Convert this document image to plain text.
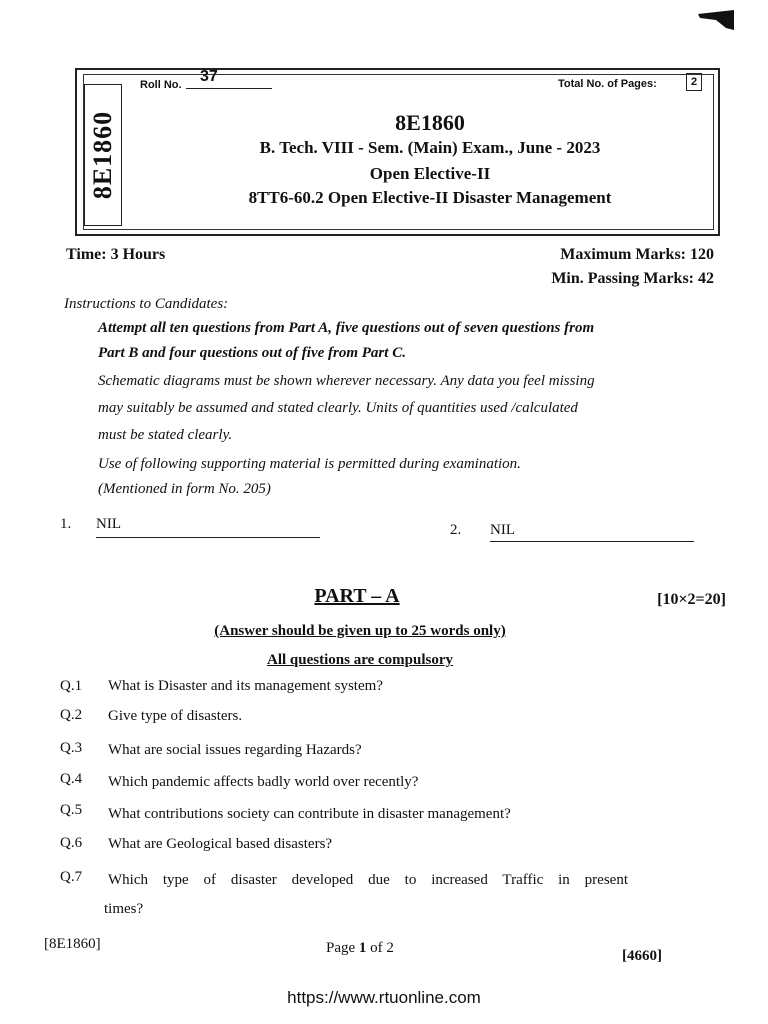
8E1860
Roll No. 37	Total No. of Pages:	2
8E1860
B. Tech. VIII - Sem. (Main) Exam., June - 2023
Open Elective-II
8TT6-60.2 Open Elective-II Disaster Management
Time: 3 Hours	Maximum Marks: 120
Min. Passing Marks: 42
Instructions to Candidates:
Attempt all ten questions from Part A, five questions out of seven questions from
Part B and four questions out of five from Part C.
Schematic diagrams must be shown wherever necessary. Any data you feel missing
may suitably be assumed and stated clearly. Units of quantities used /calculated
must be stated clearly.
Use of following supporting material is permitted during examination.
(Mentioned in form No. 205)
1. NIL	2. NIL
PART – A	[10×2=20]
(Answer should be given up to 25 words only)
All questions are compulsory
Q.1 What is Disaster and its management system?
Q.2 Give type of disasters.
Q.3 What are social issues regarding Hazards?
Q.4 Which pandemic affects badly world over recently?
Q.5 What contributions society can contribute in disaster management?
Q.6 What are Geological based disasters?
Q.7 Which type of disaster developed due to increased Traffic in present
times?
[8E1860]	Page 1 of 2	[4660]
https://www.rtuonline.com
